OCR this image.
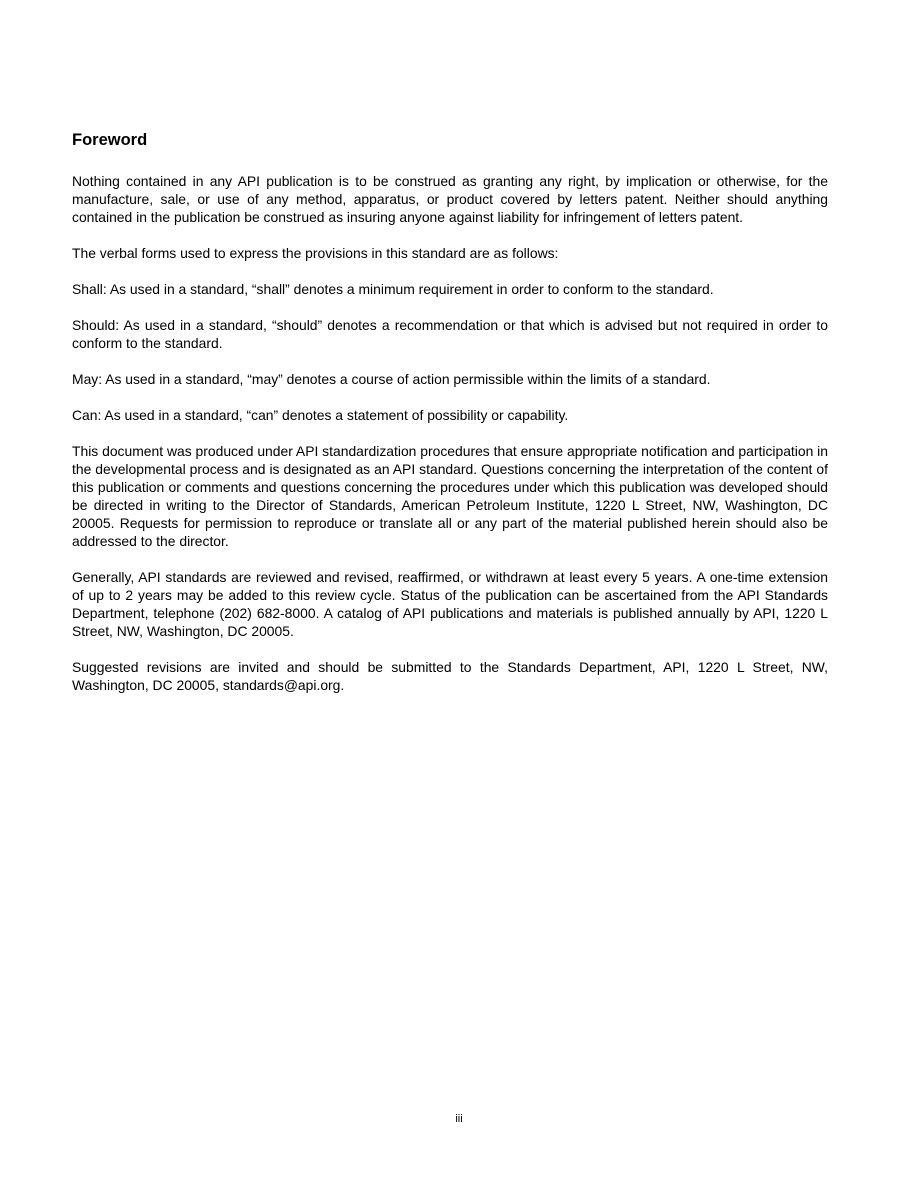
Foreword

Nothing contained in any API publication is to be construed as granting any right, by implication or otherwise, for the manufacture, sale, or use of any method, apparatus, or product covered by letters patent. Neither should anything contained in the publication be construed as insuring anyone against liability for infringement of letters patent.

The verbal forms used to express the provisions in this standard are as follows:

Shall: As used in a standard, “shall” denotes a minimum requirement in order to conform to the standard.

Should: As used in a standard, “should” denotes a recommendation or that which is advised but not required in order to conform to the standard.

May: As used in a standard, “may” denotes a course of action permissible within the limits of a standard.

Can: As used in a standard, “can” denotes a statement of possibility or capability.

This document was produced under API standardization procedures that ensure appropriate notification and participation in the developmental process and is designated as an API standard. Questions concerning the interpretation of the content of this publication or comments and questions concerning the procedures under which this publication was developed should be directed in writing to the Director of Standards, American Petroleum Institute, 1220 L Street, NW, Washington, DC 20005. Requests for permission to reproduce or translate all or any part of the material published herein should also be addressed to the director.

Generally, API standards are reviewed and revised, reaffirmed, or withdrawn at least every 5 years. A one-time extension of up to 2 years may be added to this review cycle. Status of the publication can be ascertained from the API Standards Department, telephone (202) 682-8000. A catalog of API publications and materials is published annually by API, 1220 L Street, NW, Washington, DC 20005.

Suggested revisions are invited and should be submitted to the Standards Department, API, 1220 L Street, NW, Washington, DC 20005, standards@api.org.

iii
